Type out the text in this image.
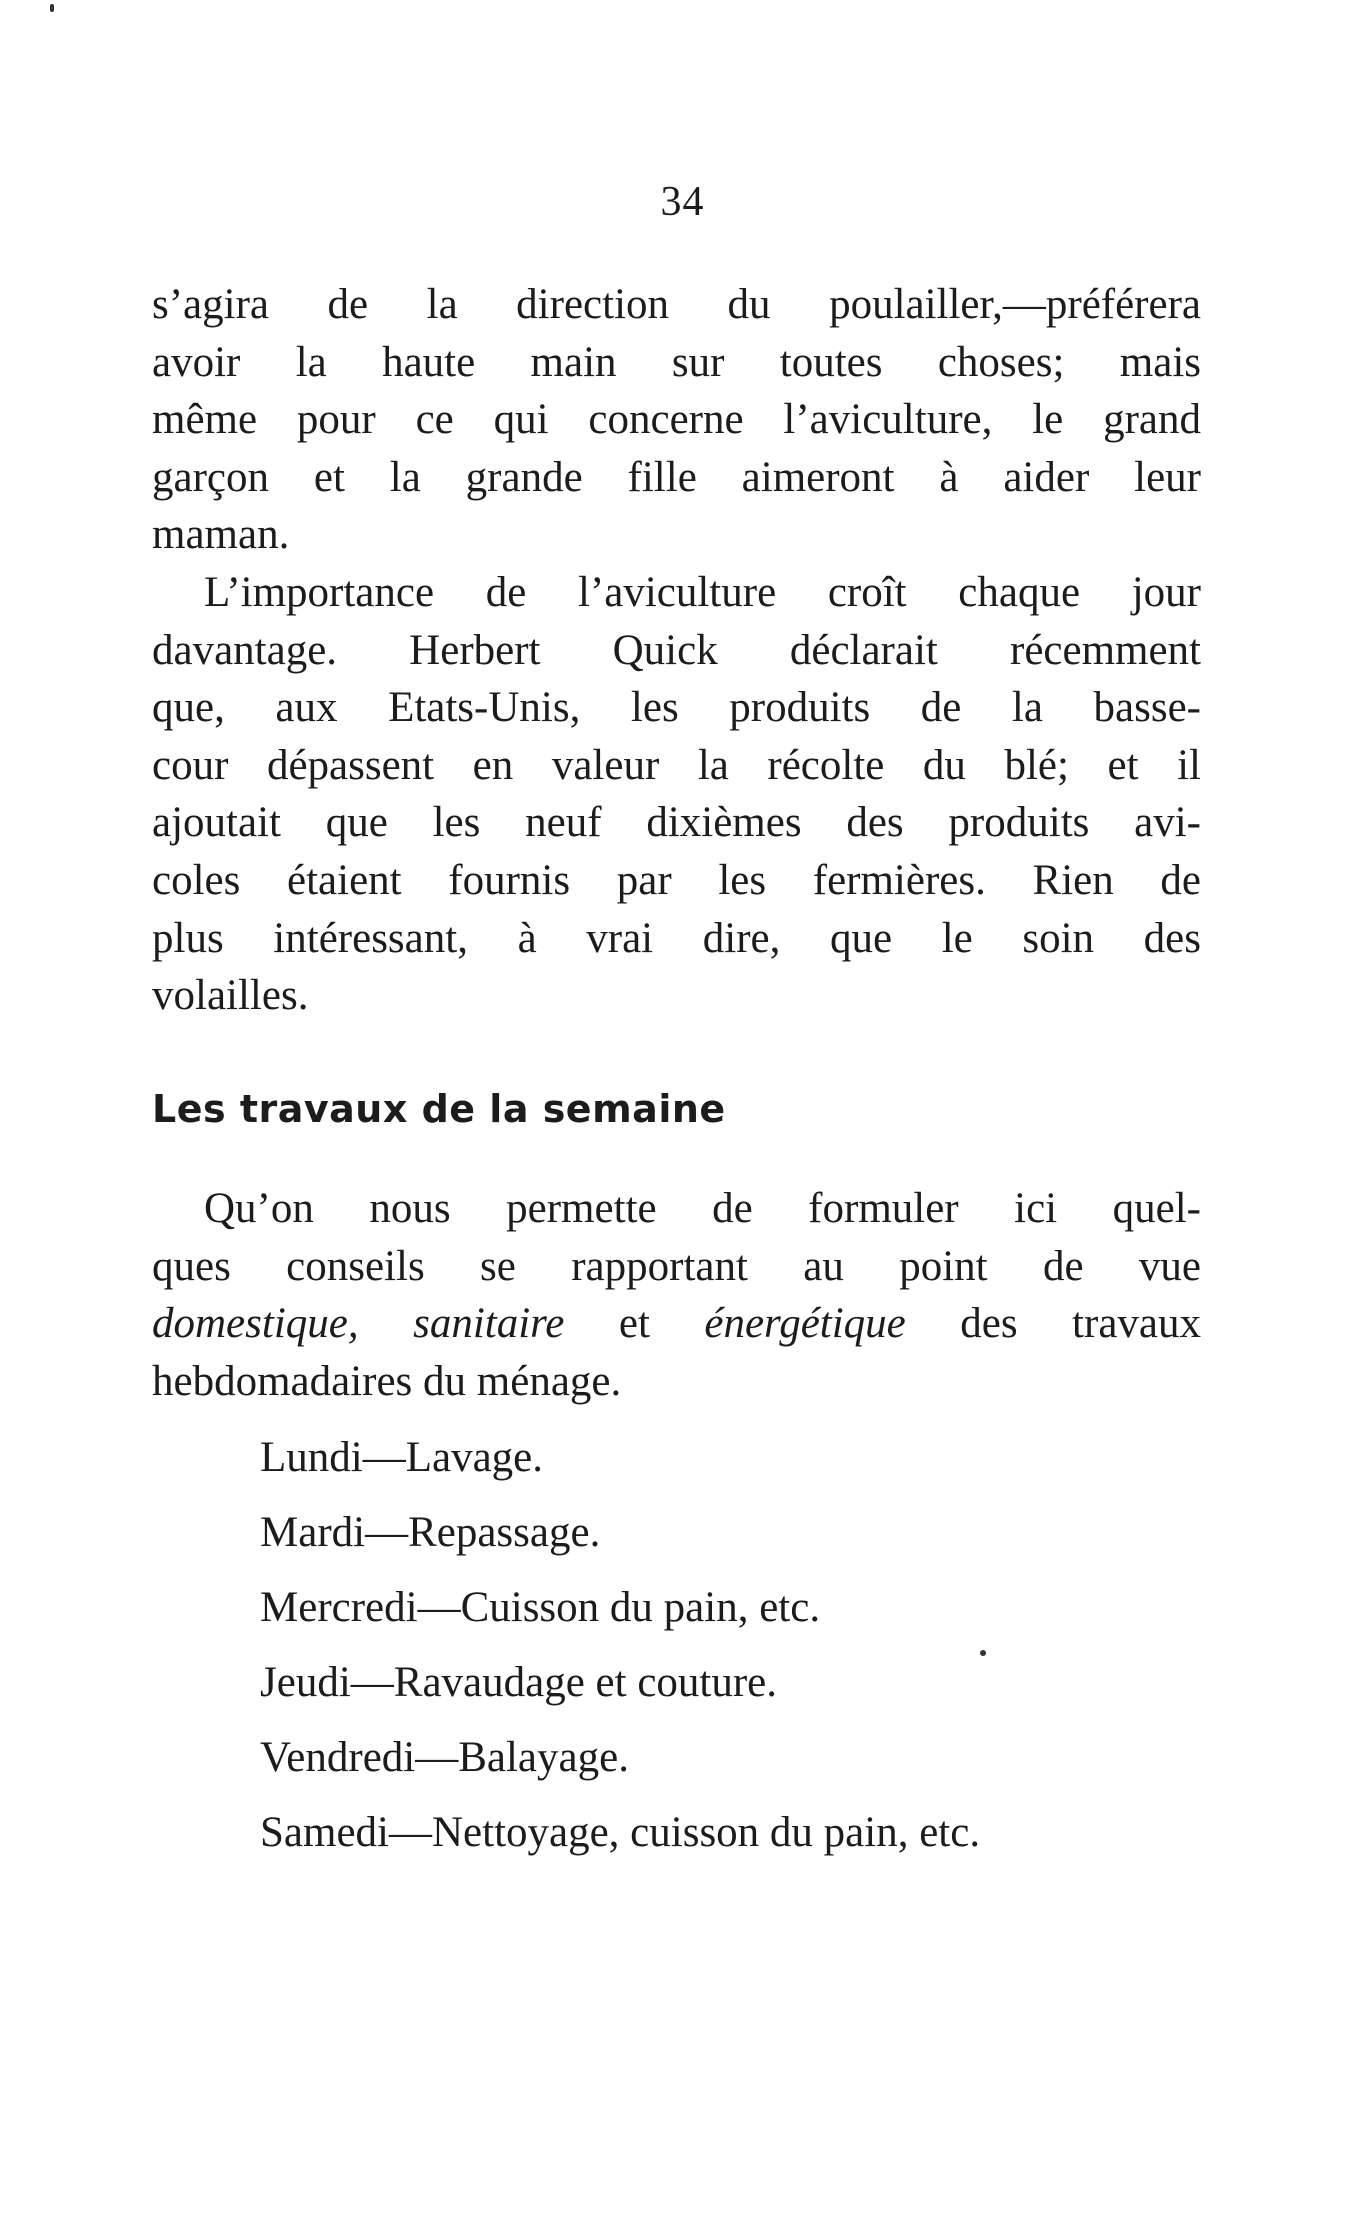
34
s’agira de la direction du poulailler,—préférera
avoir la haute main sur toutes choses; mais
même pour ce qui concerne l’aviculture, le grand
garçon et la grande fille aimeront à aider leur
maman.
L’importance de l’aviculture croît chaque jour
davantage. Herbert Quick déclarait récemment
que, aux Etats-Unis, les produits de la basse-
cour dépassent en valeur la récolte du blé; et il
ajoutait que les neuf dixièmes des produits avi-
coles étaient fournis par les fermières. Rien de
plus intéressant, à vrai dire, que le soin des
volailles.
Les travaux de la semaine
Qu’on nous permette de formuler ici quel-
ques conseils se rapportant au point de vue
domestique, sanitaire et énergétique des travaux
hebdomadaires du ménage.
Lundi—Lavage.
Mardi—Repassage.
Mercredi—Cuisson du pain, etc.
Jeudi—Ravaudage et couture.
Vendredi—Balayage.
Samedi—Nettoyage, cuisson du pain, etc.
